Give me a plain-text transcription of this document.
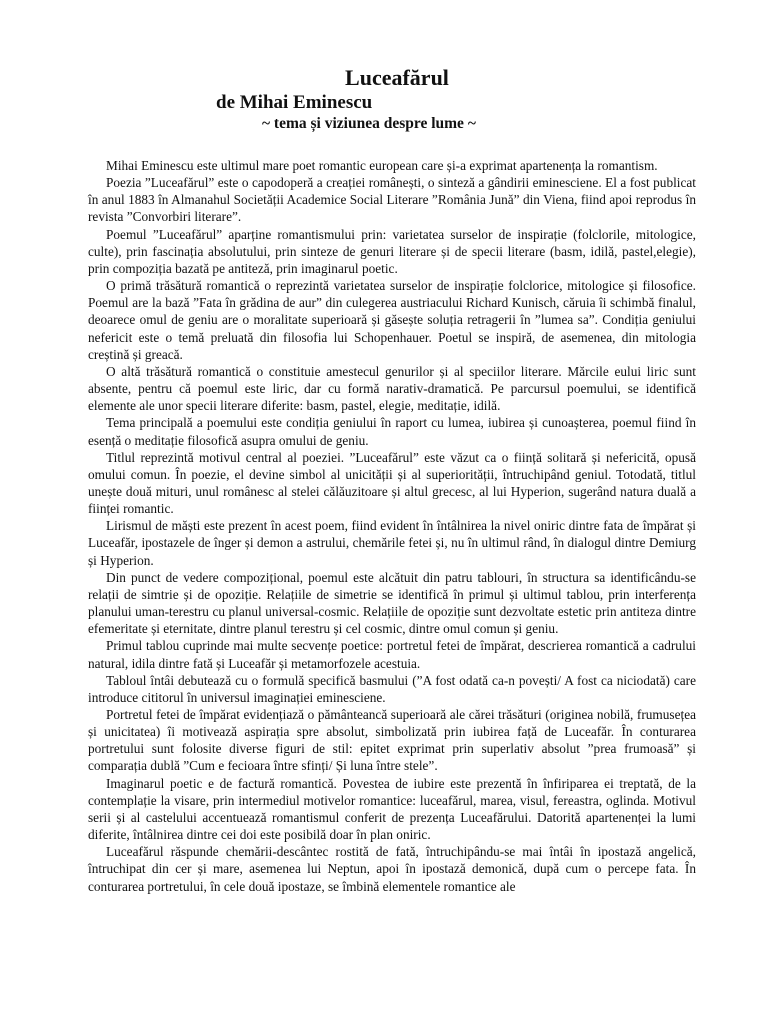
Luceafărul
de Mihai Eminescu
~ tema și viziunea despre lume ~

Mihai Eminescu este ultimul mare poet romantic european care și-a exprimat apartenența la romantism.

Poezia ”Luceafărul” este o capodoperă a creației românești, o sinteză a gândirii eminesciene. El a fost publicat în anul 1883 în Almanahul Societății Academice Social Literare ”România Jună” din Viena, fiind apoi reprodus în revista ”Convorbiri literare”.

Poemul ”Luceafărul” aparține romantismului prin: varietatea surselor de inspirație (folclorile, mitologice, culte), prin fascinația absolutului, prin sinteze de genuri literare și de specii literare (basm, idilă, pastel,elegie), prin compoziția bazată pe antiteză, prin imaginarul poetic.

O primă trăsătură romantică o reprezintă varietatea surselor de inspirație folclorice, mitologice și filosofice. Poemul are la bază ”Fata în grădina de aur” din culegerea austriacului Richard Kunisch, căruia îi schimbă finalul, deoarece omul de geniu are o moralitate superioară și găsește soluția retragerii în ”lumea sa”. Condiția geniului nefericit este o temă preluată din filosofia lui Schopenhauer. Poetul se inspiră, de asemenea, din mitologia creștină și greacă.

O altă trăsătură romantică o constituie amestecul genurilor și al speciilor literare. Mărcile eului liric sunt absente, pentru că poemul este liric, dar cu formă narativ-dramatică. Pe parcursul poemului, se identifică elemente ale unor specii literare diferite: basm, pastel, elegie, meditație, idilă.

Tema principală a poemului este condiția geniului în raport cu lumea, iubirea și cunoașterea, poemul fiind în esență o meditație filosofică asupra omului de geniu.

Titlul reprezintă motivul central al poeziei. ”Luceafărul” este văzut ca o ființă solitară și nefericită, opusă omului comun. În poezie, el devine simbol al unicității și al superiorității, întruchipând geniul. Totodată, titlul unește două mituri, unul românesc al stelei călăuzitoare și altul grecesc, al lui Hyperion, sugerând natura duală a ființei romantic.

Lirismul de măști este prezent în acest poem, fiind evident în întâlnirea la nivel oniric dintre fata de împărat și Luceafăr, ipostazele de înger și demon a astrului, chemările fetei și, nu în ultimul rând, în dialogul dintre Demiurg și Hyperion.

Din punct de vedere compozițional, poemul este alcătuit din patru tablouri, în structura sa identificându-se relații de simtrie și de opoziție. Relațiile de simetrie se identifică în primul și ultimul tablou, prin interferența planului uman-terestru cu planul universal-cosmic. Relațiile de opoziție sunt dezvoltate estetic prin antiteza dintre efemeritate și eternitate, dintre planul terestru și cel cosmic, dintre omul comun și geniu.

Primul tablou cuprinde mai multe secvențe poetice: portretul fetei de împărat, descrierea romantică a cadrului natural, idila dintre fată și Luceafăr și metamorfozele acestuia.

Tabloul întâi debutează cu o formulă specifică basmului (”A fost odată ca-n povești/ A fost ca niciodată) care introduce cititorul în universul imaginației eminesciene.

Portretul fetei de împărat evidențiază o pământeancă superioară ale cărei trăsături (originea nobilă, frumusețea și unicitatea) îi motivează aspirația spre absolut, simbolizată prin iubirea față de Luceafăr. În conturarea portretului sunt folosite diverse figuri de stil: epitet exprimat prin superlativ absolut ”prea frumoasă” și comparația dublă ”Cum e fecioara între sfinți/ Și luna între stele”.

Imaginarul poetic e de factură romantică. Povestea de iubire este prezentă în înfiriparea ei treptată, de la contemplație la visare, prin intermediul motivelor romantice: luceafărul, marea, visul, fereastra, oglinda. Motivul serii și al castelului accentuează romantismul conferit de prezența Luceafărului. Datorită apartenenței la lumi diferite, întâlnirea dintre cei doi este posibilă doar în plan oniric.

Luceafărul răspunde chemării-descântec rostită de fată, întruchipându-se mai întâi în ipostază angelică, întruchipat din cer și mare, asemenea lui Neptun, apoi în ipostază demonică, după cum o percepe fata. În conturarea portretului, în cele două ipostaze, se îmbină elementele romantice ale
